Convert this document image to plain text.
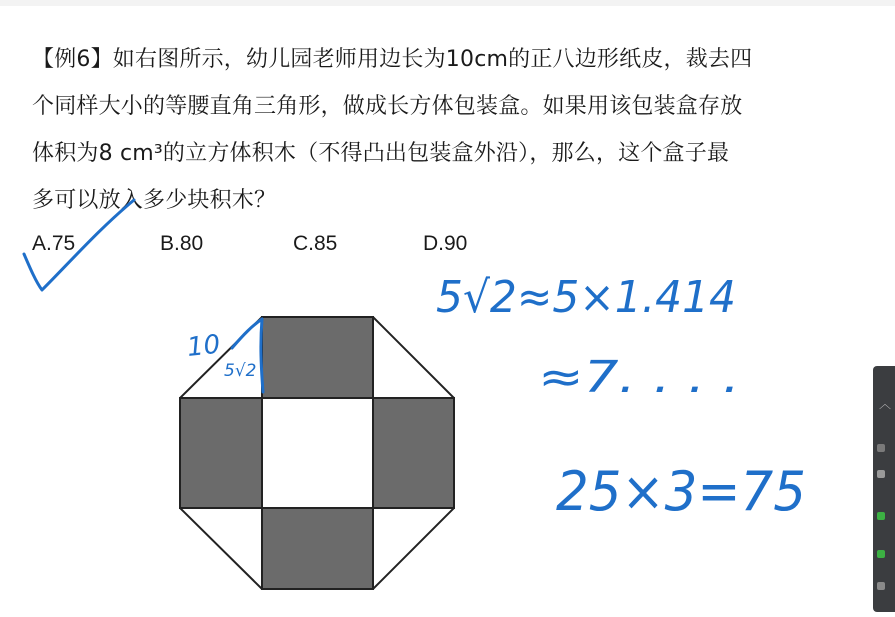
【例6】如右图所示，幼儿园老师用边长为10cm的正八边形纸皮，裁去四
个同样大小的等腰直角三角形，做成长方体包装盒。如果用该包装盒存放
体积为8 cm³的立方体积木（不得凸出包装盒外沿），那么，这个盒子最
多可以放入多少块积木？
A.75	B.80	C.85	D.90
10
5√2
5√2≈5×1.414
≈7. . . .
25×3=75
︿
